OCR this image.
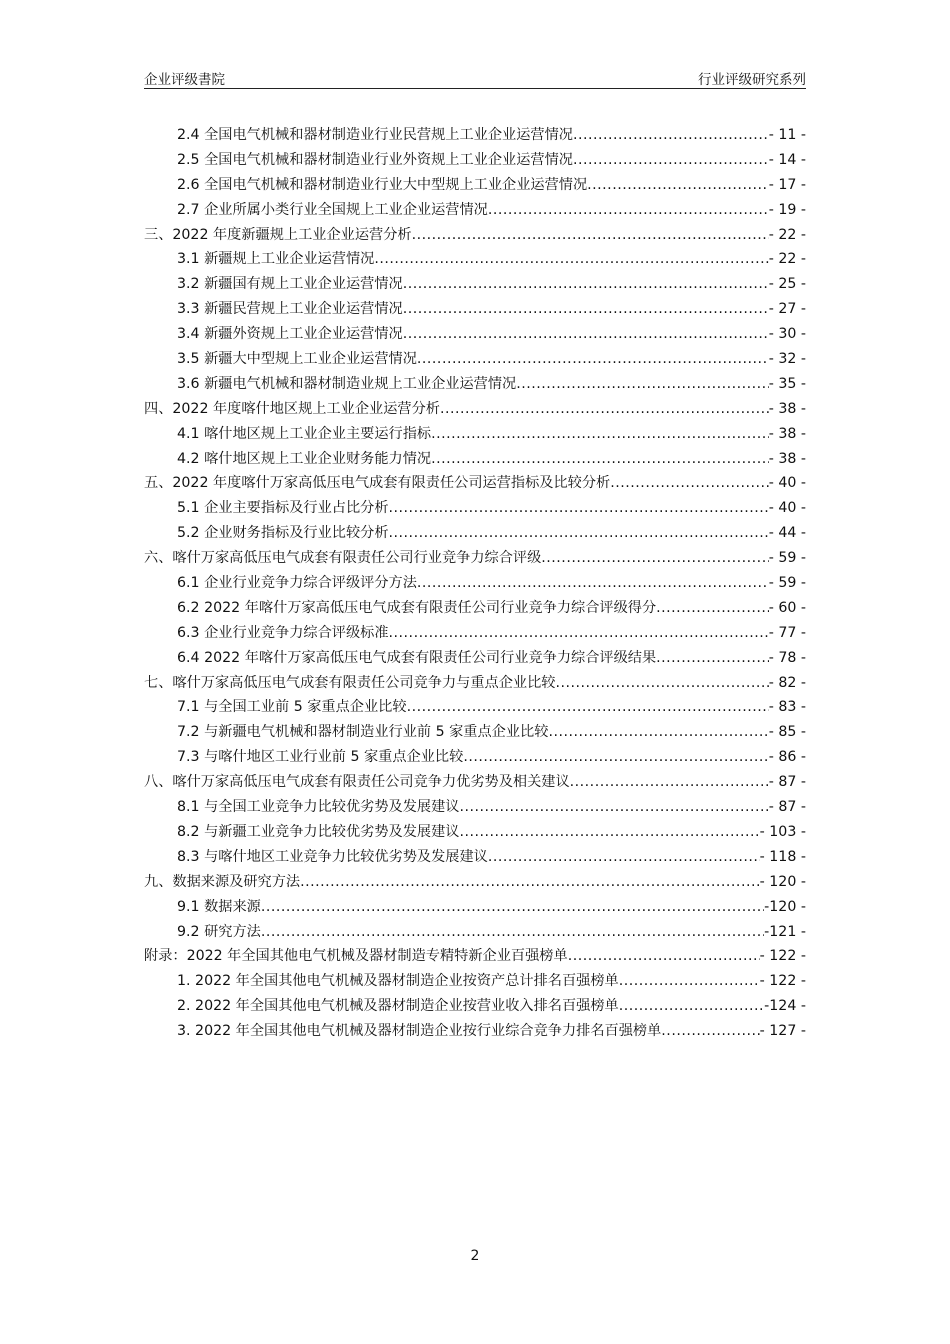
企业评级書院	行业评级研究系列
2.4 全国电气机械和器材制造业行业民营规上工业企业运营情况 .....	- 11 -
2.5 全国电气机械和器材制造业行业外资规上工业企业运营情况 .....	- 14 -
2.6 全国电气机械和器材制造业行业大中型规上工业企业运营情况 .....	- 17 -
2.7 企业所属小类行业全国规上工业企业运营情况 .....	- 19 -
三、2022 年度新疆规上工业企业运营分析 .....	- 22 -
3.1 新疆规上工业企业运营情况 .....	- 22 -
3.2 新疆国有规上工业企业运营情况 .....	- 25 -
3.3 新疆民营规上工业企业运营情况 .....	- 27 -
3.4 新疆外资规上工业企业运营情况 .....	- 30 -
3.5 新疆大中型规上工业企业运营情况 .....	- 32 -
3.6 新疆电气机械和器材制造业规上工业企业运营情况 .....	- 35 -
四、2022 年度喀什地区规上工业企业运营分析 .....	- 38 -
4.1 喀什地区规上工业企业主要运行指标 .....	- 38 -
4.2 喀什地区规上工业企业财务能力情况 .....	- 38 -
五、2022 年度喀什万家高低压电气成套有限责任公司运营指标及比较分析 .....	- 40 -
5.1 企业主要指标及行业占比分析 .....	- 40 -
5.2 企业财务指标及行业比较分析 .....	- 44 -
六、喀什万家高低压电气成套有限责任公司行业竞争力综合评级 .....	- 59 -
6.1 企业行业竞争力综合评级评分方法 .....	- 59 -
6.2 2022 年喀什万家高低压电气成套有限责任公司行业竞争力综合评级得分 .....	- 60 -
6.3 企业行业竞争力综合评级标准 .....	- 77 -
6.4 2022 年喀什万家高低压电气成套有限责任公司行业竞争力综合评级结果 .....	- 78 -
七、喀什万家高低压电气成套有限责任公司竞争力与重点企业比较 .....	- 82 -
7.1 与全国工业前 5 家重点企业比较 .....	- 83 -
7.2 与新疆电气机械和器材制造业行业前 5 家重点企业比较 .....	- 85 -
7.3 与喀什地区工业行业前 5 家重点企业比较 .....	- 86 -
八、喀什万家高低压电气成套有限责任公司竞争力优劣势及相关建议 .....	- 87 -
8.1 与全国工业竞争力比较优劣势及发展建议 .....	- 87 -
8.2 与新疆工业竞争力比较优劣势及发展建议 .....	- 103 -
8.3 与喀什地区工业竞争力比较优劣势及发展建议 .....	- 118 -
九、数据来源及研究方法 .....	- 120 -
9.1 数据来源 .....	-120 -
9.2 研究方法 .....	-121 -
附录：2022 年全国其他电气机械及器材制造专精特新企业百强榜单 .....	- 122 -
1. 2022 年全国其他电气机械及器材制造企业按资产总计排名百强榜单 .....	- 122 -
2. 2022 年全国其他电气机械及器材制造企业按营业收入排名百强榜单 .....	-124 -
3. 2022 年全国其他电气机械及器材制造企业按行业综合竞争力排名百强榜单 .....	- 127 -
2
